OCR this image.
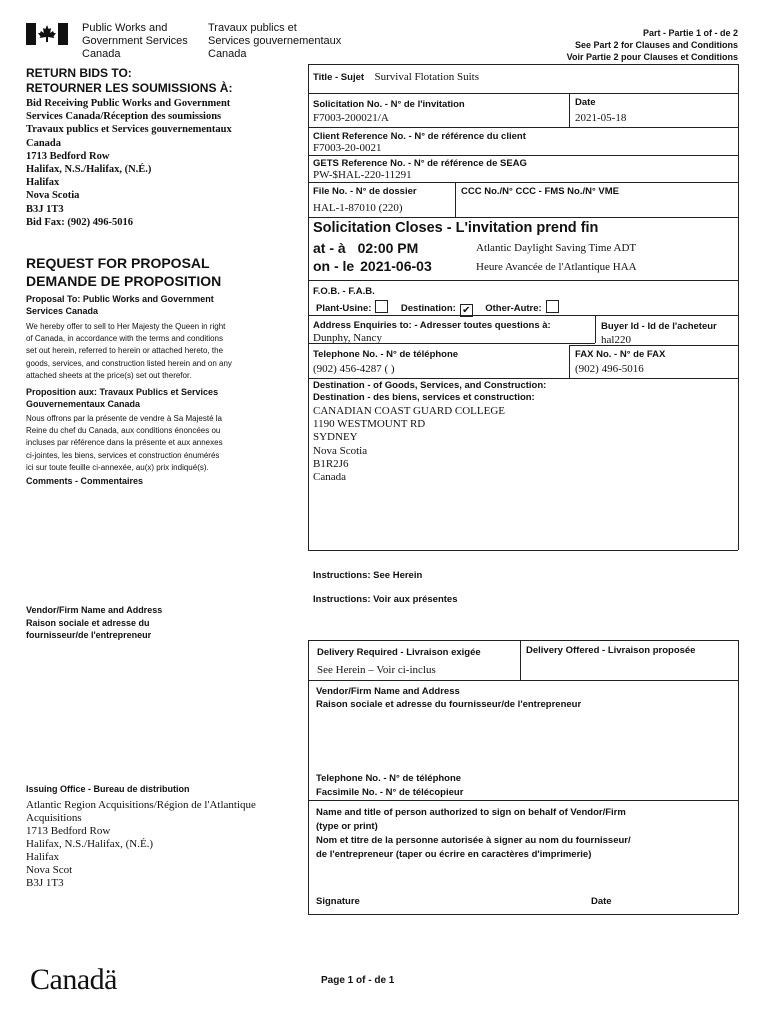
Public Works and
Government Services
Canada
Travaux publics et
Services gouvernementaux
Canada
Part - Partie 1 of - de 2
See Part 2 for Clauses and Conditions
Voir Partie 2 pour Clauses et Conditions
RETURN BIDS TO:
RETOURNER LES SOUMISSIONS À:
Bid Receiving Public Works and Government
Services Canada/Réception des soumissions
Travaux publics et Services gouvernementaux
Canada
1713 Bedford Row
Halifax, N.S./Halifax, (N.É.)
Halifax
Nova Scotia
B3J 1T3
Bid Fax: (902) 496-5016
REQUEST FOR PROPOSAL
DEMANDE DE PROPOSITION
Proposal To: Public Works and Government
Services Canada
We hereby offer to sell to Her Majesty the Queen in right
of Canada, in accordance with the terms and conditions
set out herein, referred to herein or attached hereto, the
goods, services, and construction listed herein and on any
attached sheets at the price(s) set out therefor.
Proposition aux: Travaux Publics et Services
Gouvernementaux Canada
Nous offrons par la présente de vendre à Sa Majesté la
Reine du chef du Canada, aux conditions énoncées ou
incluses par référence dans la présente et aux annexes
ci-jointes, les biens, services et construction énumérés
ici sur toute feuille ci-annexée, au(x) prix indiqué(s).
Comments - Commentaires
Vendor/Firm Name and Address
Raison sociale et adresse du
fournisseur/de l'entrepreneur
Issuing Office - Bureau de distribution
Atlantic Region Acquisitions/Région de l'Atlantique
Acquisitions
1713 Bedford Row
Halifax, N.S./Halifax, (N.É.)
Halifax
Nova Scot
B3J 1T3
Title - Sujet Survival Flotation Suits
Solicitation No. - N° de l'invitation
F7003-200021/A
Date
2021-05-18
Client Reference No. - N° de référence du client
F7003-20-0021
GETS Reference No. - N° de référence de SEAG
PW-$HAL-220-11291
File No. - N° de dossier
HAL-1-87010 (220)
CCC No./N° CCC - FMS No./N° VME
Solicitation Closes - L'invitation prend fin
at - à 02:00 PM
on - le 2021-06-03
Atlantic Daylight Saving Time ADT
Heure Avancée de l'Atlantique HAA
F.O.B. - F.A.B.
Plant-Usine:	Destination: ✔ Other-Autre:
Address Enquiries to: - Adresser toutes questions à:
Dunphy, Nancy
Buyer Id - Id de l'acheteur
hal220
Telephone No. - N° de téléphone
(902) 456-4287 ( )
FAX No. - N° de FAX
(902) 496-5016
Destination - of Goods, Services, and Construction:
Destination - des biens, services et construction:
CANADIAN COAST GUARD COLLEGE
1190 WESTMOUNT RD
SYDNEY
Nova Scotia
B1R2J6
Canada
Instructions: See Herein
Instructions: Voir aux présentes
Delivery Required - Livraison exigée
See Herein – Voir ci-inclus
Delivery Offered - Livraison proposée
Vendor/Firm Name and Address
Raison sociale et adresse du fournisseur/de l'entrepreneur
Telephone No. - N° de téléphone
Facsimile No. - N° de télécopieur
Name and title of person authorized to sign on behalf of Vendor/Firm
(type or print)
Nom et titre de la personne autorisée à signer au nom du fournisseur/
de l'entrepreneur (taper ou écrire en caractères d'imprimerie)
Signature	Date
Canadä	Page 1 of - de 1
